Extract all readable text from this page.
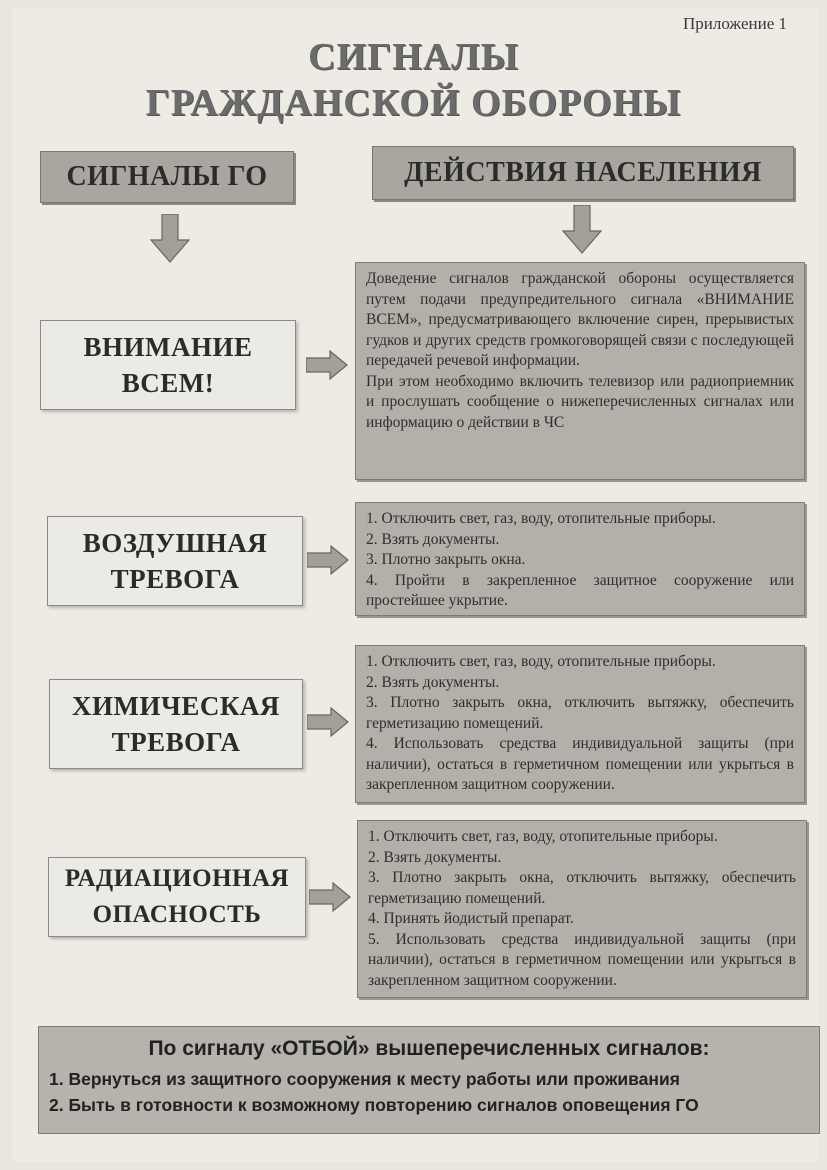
Приложение 1
СИГНАЛЫ
ГРАЖДАНСКОЙ ОБОРОНЫ
СИГНАЛЫ ГО	ДЕЙСТВИЯ НАСЕЛЕНИЯ
ВНИМАНИЕ
ВСЕМ!

Доведение сигналов гражданской обороны осуществляется путем подачи предупредительного сигнала «ВНИМАНИЕ ВСЕМ», предусматривающего включение сирен, прерывистых гудков и других средств громкоговорящей связи с последующей передачей речевой информации.

При этом необходимо включить телевизор или радиоприемник и прослушать сообщение о нижеперечисленных сигналах или информацию о действии в ЧС

ВОЗДУШНАЯ
ТРЕВОГА

1. Отключить свет, газ, воду, отопительные приборы.

2. Взять документы.

3. Плотно закрыть окна.

4. Пройти в закрепленное защитное сооружение или простейшее укрытие.

ХИМИЧЕСКАЯ
ТРЕВОГА

1. Отключить свет, газ, воду, отопительные приборы.

2. Взять документы.

3. Плотно закрыть окна, отключить вытяжку, обеспечить герметизацию помещений.

4. Использовать средства индивидуальной защиты (при наличии), остаться в герметичном помещении или укрыться в закрепленном защитном сооружении.

РАДИАЦИОННАЯ
ОПАСНОСТЬ

1. Отключить свет, газ, воду, отопительные приборы.

2. Взять документы.

3. Плотно закрыть окна, отключить вытяжку, обеспечить герметизацию помещений.

4. Принять йодистый препарат.

5. Использовать средства индивидуальной защиты (при наличии), остаться в герметичном помещении или укрыться в закрепленном защитном сооружении.

По сигналу «ОТБОЙ» вышеперечисленных сигналов:
1. Вернуться из защитного сооружения к месту работы или проживания
2. Быть в готовности к возможному повторению сигналов оповещения ГО
